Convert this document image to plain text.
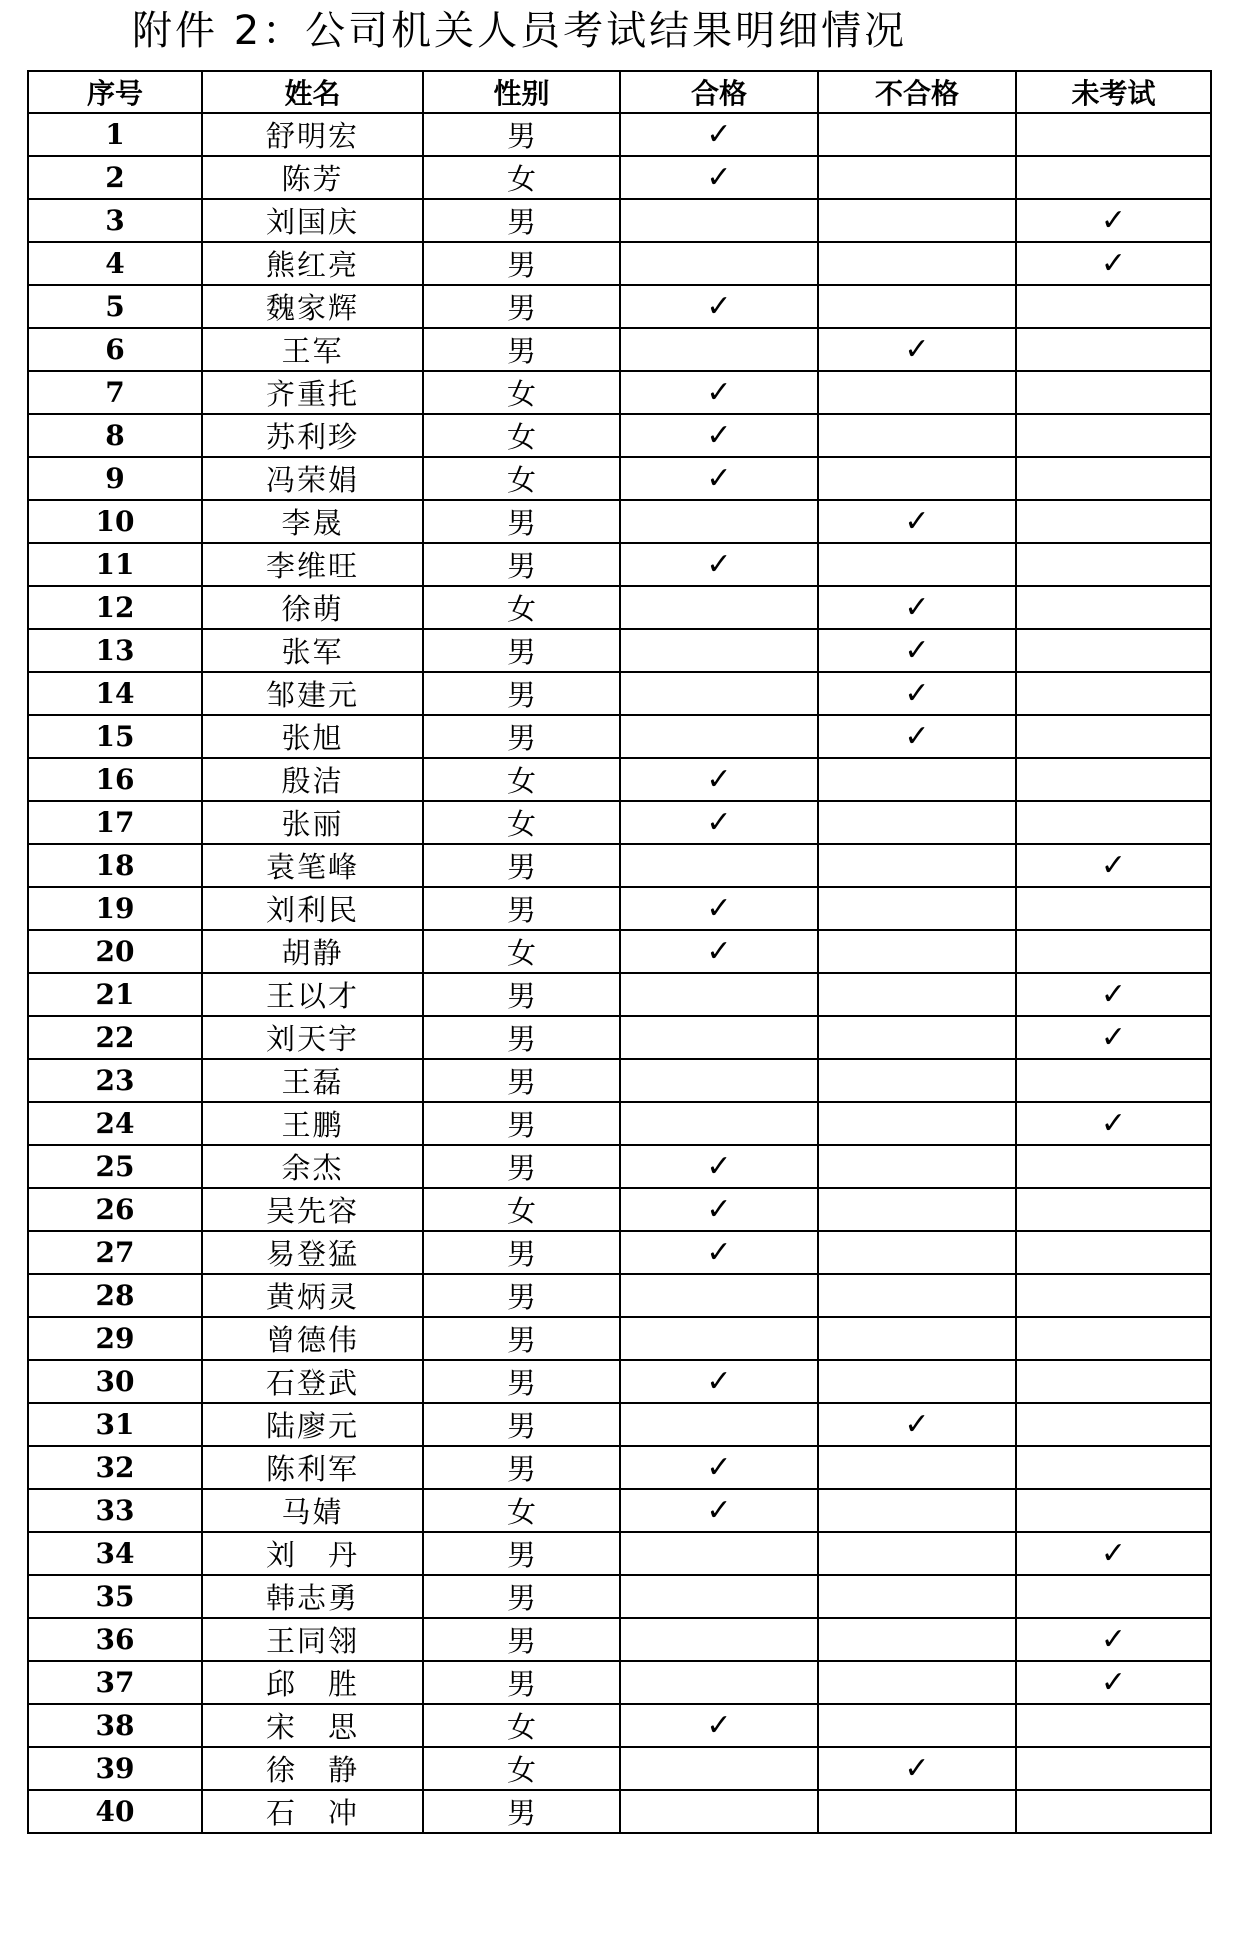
附件 2：公司机关人员考试结果明细情况
序号	姓名	性别	合格	不合格	未考试
1	舒明宏	男	✓		
2	陈芳	女	✓		
3	刘国庆	男			✓
4	熊红亮	男			✓
5	魏家辉	男	✓		
6	王军	男		✓	
7	齐重托	女	✓		
8	苏利珍	女	✓		
9	冯荣娟	女	✓		
10	李晟	男		✓	
11	李维旺	男	✓		
12	徐萌	女		✓	
13	张军	男		✓	
14	邹建元	男		✓	
15	张旭	男		✓	
16	殷洁	女	✓		
17	张丽	女	✓		
18	袁笔峰	男			✓
19	刘利民	男	✓		
20	胡静	女	✓		
21	王以才	男			✓
22	刘天宇	男			✓
23	王磊	男			
24	王鹏	男			✓
25	余杰	男	✓		
26	吴先容	女	✓		
27	易登猛	男	✓		
28	黄炳灵	男			
29	曾德伟	男			
30	石登武	男	✓		
31	陆廖元	男		✓	
32	陈利军	男	✓		
33	马婧	女	✓		
34	刘　丹	男			✓
35	韩志勇	男			
36	王同翎	男			✓
37	邱　胜	男			✓
38	宋　思	女	✓		
39	徐　静	女		✓	
40	石　冲	男			
